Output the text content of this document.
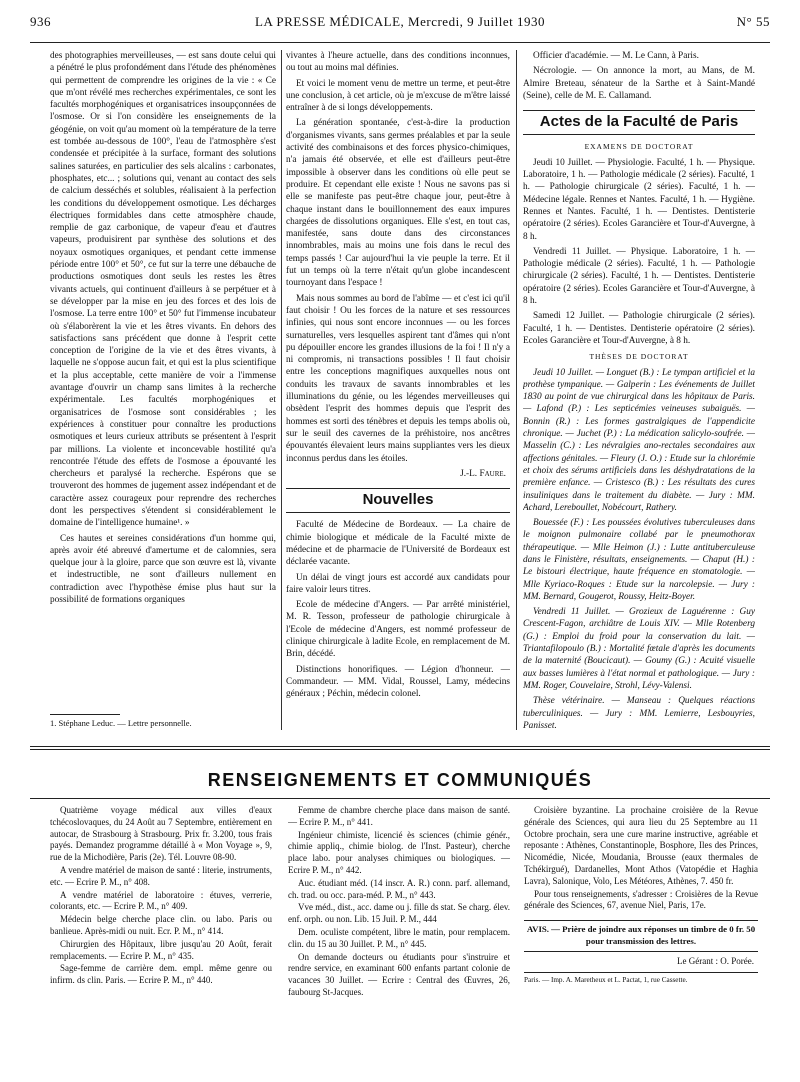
936	LA PRESSE MÉDICALE, Mercredi, 9 Juillet 1930	N° 55

des photographies merveilleuses, — est sans doute celui qui a pénétré le plus profondément dans l'étude des phénomènes qui permettent de comprendre les origines de la vie : « Ce que m'ont révélé mes recherches expérimentales, ce sont les facultés morphogéniques et organisatrices insoupçonnées de l'osmose. Or si l'on considère les enseignements de la géogénie, on voit qu'au moment où la température de la terre est tombée au-dessous de 100°, l'eau de l'atmosphère s'est condensée et précipitée à la surface, formant des solutions salines saturées, en particulier des sels alcalins : carbonates, phosphates, etc... ; solutions qui, venant au contact des sels de calcium desséchés et solubles, réalisaient à la perfection les conditions du développement osmotique. Les décharges électriques formidables dans cette atmosphère chaude, remplie de gaz carbonique, de vapeur d'eau et d'autres vapeurs, produisirent par synthèse des solutions et des noyaux osmotiques organiques, et pendant cette immense période entre 100° et 50°, ce fut sur la terre une débauche de productions osmotiques dont seuls les restes les êtres vivants actuels, qui continuent d'ailleurs à se perpétuer et à se développer par la mise en jeu des forces et des lois de l'osmose. La terre entre 100° et 50° fut l'immense incubateur où s'élaborèrent la vie et les êtres vivants. En dehors des satisfactions sans précédent que donne à l'esprit cette conception de l'origine de la vie et des êtres vivants, à laquelle ne s'oppose aucun fait, et qui est la plus scientifique et la plus acceptable, cette manière de voir a l'immense avantage d'ouvrir un champ sans limites à la recherche expérimentale. Les facultés morphogéniques et organisatrices de l'osmose sont considérables ; les expériences à constituer pour connaître les productions osmotiques et leurs curieux attributs se présentent à l'esprit par millions. La violente et inconcevable hostilité qu'a rencontrée l'étude des effets de l'osmose a épouvanté les chercheurs et paralysé la recherche. Espérons que se trouveront des hommes de jugement assez indépendant et de caractère assez courageux pour reprendre des recherches dont les perspectives s'étendent si considérablement le domaine de l'intelligence humaine¹. »

Ces hautes et sereines considérations d'un homme qui, après avoir été abreuvé d'amertume et de calomnies, sera quelque jour à la gloire, parce que son œuvre est là, vivante et indestructible, ne sont d'ailleurs nullement en contradiction avec l'hypothèse émise plus haut sur la possibilité de formations organiques

vivantes à l'heure actuelle, dans des conditions inconnues, ou tout au moins mal définies.

Et voici le moment venu de mettre un terme, et peut-être une conclusion, à cet article, où je m'excuse de m'être laissé entraîner à de si longs développements.

La génération spontanée, c'est-à-dire la production d'organismes vivants, sans germes préalables et par la seule activité des combinaisons et des forces physico-chimiques, n'a jamais été observée, et elle est d'ailleurs peut-être impossible à observer dans les conditions où elle peut se produire. Et cependant elle existe ! Nous ne savons pas si elle se manifeste pas peut-être chaque jour, peut-être à chaque instant dans le bouillonnement des eaux impures chargées de dissolutions organiques. Elle s'est, en tout cas, manifestée, sans doute dans des circonstances innombrables, mais au moins une fois dans le recul des temps passés ! Car aujourd'hui la vie peuple la terre. Et il fut un temps où la terre n'était qu'un globe incandescent tournoyant dans l'espace !

Mais nous sommes au bord de l'abîme — et c'est ici qu'il faut choisir ! Ou les forces de la nature et ses ressources infinies, qui nous sont encore inconnues — ou les forces surnaturelles, vers lesquelles aspirent tant d'âmes qui n'ont pu dépouiller encore les grandes illusions de la foi ! Il n'y a ni compromis, ni transactions possibles ! Il faut choisir entre les conceptions magnifiques auxquelles nous ont conduits les travaux de savants innombrables et les illuminations du génie, ou les légendes merveilleuses qui obsèdent l'esprit des hommes depuis que l'esprit des hommes est sorti des ténèbres et depuis les temps abolis où, sur le seuil des cavernes de la préhistoire, nos ancêtres épouvantés élevaient leurs mains suppliantes vers les dieux inconnus perdus dans les étoiles.

J.-L. Faure.
Nouvelles

Faculté de Médecine de Bordeaux. — La chaire de chimie biologique et médicale de la Faculté mixte de médecine et de pharmacie de l'Université de Bordeaux est déclarée vacante.

Un délai de vingt jours est accordé aux candidats pour faire valoir leurs titres.

Ecole de médecine d'Angers. — Par arrêté ministériel, M. R. Tesson, professeur de pathologie chirurgicale à l'Ecole de médecine d'Angers, est nommé professeur de clinique chirurgicale à ladite Ecole, en remplacement de M. Brin, décédé.

Distinctions honorifiques. — Légion d'honneur. — Commandeur. — MM. Vidal, Roussel, Lamy, médecins généraux ; Péchin, médecin colonel.

Officier d'académie. — M. Le Cann, à Paris.

Nécrologie. — On annonce la mort, au Mans, de M. Almire Breteau, sénateur de la Sarthe et à Saint-Mandé (Seine), celle de M. E. Callamand.

Actes de la Faculté de Paris
EXAMENS DE DOCTORAT

Jeudi 10 Juillet. — Physiologie. Faculté, 1 h. — Physique. Laboratoire, 1 h. — Pathologie médicale (2 séries). Faculté, 1 h. — Pathologie chirurgicale (2 séries). Faculté, 1 h. — Médecine légale. Rennes et Nantes. Faculté, 1 h. — Hygiène. Rennes et Nantes. Faculté, 1 h. — Dentistes. Dentisterie opératoire (2 séries). Ecoles Garancière et Tour-d'Auvergne, à 8 h.

Vendredi 11 Juillet. — Physique. Laboratoire, 1 h. — Pathologie médicale (2 séries). Faculté, 1 h. — Pathologie chirurgicale (2 séries). Faculté, 1 h. — Dentistes. Dentisterie opératoire (2 séries). Ecoles Garancière et Tour-d'Auvergne, à 8 h.

Samedi 12 Juillet. — Pathologie chirurgicale (2 séries). Faculté, 1 h. — Dentistes. Dentisterie opératoire (2 séries). Ecoles Garancière et Tour-d'Auvergne, à 8 h.

THÈSES DE DOCTORAT

Jeudi 10 Juillet. — Longuet (B.) : Le tympan artificiel et la prothèse tympanique. — Galperin : Les événements de Juillet 1830 au point de vue chirurgical dans les hôpitaux de Paris. — Lafond (P.) : Les septicémies veineuses subaiguës. — Bonnin (R.) : Les formes gastralgiques de l'appendicite chronique. — Juchet (P.) : La médication salicylo-soufrée. — Masselin (C.) : Les névralgies ano-rectales secondaires aux affections génitales. — Fleury (J. O.) : Etude sur la chlorémie et choix des sérums artificiels dans les déshydratations de la première enfance. — Cristesco (B.) : Les résultats des cures insuliniques dans le traitement du diabète. — Jury : MM. Achard, Lereboullet, Nobécourt, Rathery.

Bouessée (F.) : Les poussées évolutives tuberculeuses dans le moignon pulmonaire collabé par le pneumothorax thérapeutique. — Mlle Heimon (J.) : Lutte antituberculeuse dans le Finistère, résultats, enseignements. — Chaput (H.) : Le bistouri électrique, haute fréquence en stomatologie. — Mlle Kyriaco-Roques : Etude sur la narcolepsie. — Jury : MM. Bernard, Gougerot, Roussy, Heitz-Boyer.

Vendredi 11 Juillet. — Grozieux de Laguérenne : Guy Crescent-Fagon, archiâtre de Louis XIV. — Mlle Rotenberg (G.) : Emploi du froid pour la conservation du lait. — Triantafilopoulo (B.) : Mortalité fœtale d'après les documents de la maternité (Boucicaut). — Goumy (G.) : Acuité visuelle aux basses lumières à l'état normal et pathologique. — Jury : MM. Roger, Couvelaire, Strohl, Lévy-Valensi.

Thèse vétérinaire. — Manseau : Quelques réactions tuberculiniques. — Jury : MM. Lemierre, Lesbouyries, Panisset.

1. Stéphane Leduc. — Lettre personnelle.
RENSEIGNEMENTS ET COMMUNIQUÉS

Quatrième voyage médical aux villes d'eaux tchécoslovaques, du 24 Août au 7 Septembre, entièrement en autocar, de Strasbourg à Strasbourg. Prix fr. 3.200, tous frais payés. Demandez programme détaillé à « Mon Voyage », 9, rue de la Michodière, Paris (2e). Tél. Louvre 08-90.

A vendre matériel de maison de santé : literie, instruments, etc. — Ecrire P. M., n° 408.

A vendre matériel de laboratoire : étuves, verrerie, colorants, etc. — Ecrire P. M., n° 409.

Médecin belge cherche place clin. ou labo. Paris ou banlieue. Après-midi ou nuit. Ecr. P. M., n° 414.

Chirurgien des Hôpitaux, libre jusqu'au 20 Août, ferait remplacements. — Ecrire P. M., n° 435.

Sage-femme de carrière dem. empl. même genre ou infirm. ds clin. Paris. — Ecrire P. M., n° 440.

Femme de chambre cherche place dans maison de santé. — Ecrire P. M., n° 441.

Ingénieur chimiste, licencié ès sciences (chimie génér., chimie appliq., chimie biolog. de l'Inst. Pasteur), cherche place labo. pour analyses chimiques ou biologiques. — Ecrire P. M., n° 442.

Auc. étudiant méd. (14 inscr. A. R.) conn. parf. allemand, ch. trad. ou occ. para-méd. P. M., n° 443.

Vve méd., dist., acc. dame ou j. fille ds stat. Se charg. élev. enf. orph. ou non. Lib. 15 Juil. P. M., 444

Dem. oculiste compétent, libre le matin, pour remplacem. clin. du 15 au 30 Juillet. P. M., n° 445.

On demande docteurs ou étudiants pour s'instruire et rendre service, en examinant 600 enfants partant colonie de vacances 30 Juillet. — Ecrire : Central des Œuvres, 26, faubourg St-Jacques.

Croisière byzantine. La prochaine croisière de la Revue générale des Sciences, qui aura lieu du 25 Septembre au 11 Octobre prochain, sera une cure marine instructive, agréable et reposante : Athènes, Constantinople, Bosphore, Iles des Princes, Nicomédie, Nicée, Moudania, Brousse (eaux thermales de Tchékirgué), Dardanelles, Mont Athos (Vatopédie et Haghia Lavra), Salonique, Volo, Les Météores, Athènes, 7. 450 fr.

Pour tous renseignements, s'adresser : Croisières de la Revue générale des Sciences, 67, avenue Niel, Paris, 17e.

AVIS. — Prière de joindre aux réponses un timbre de 0 fr. 50 pour transmission des lettres.
Le Gérant : O. Porée.
Paris. — Imp. A. Maretheux et L. Pactat, 1, rue Cassette.
